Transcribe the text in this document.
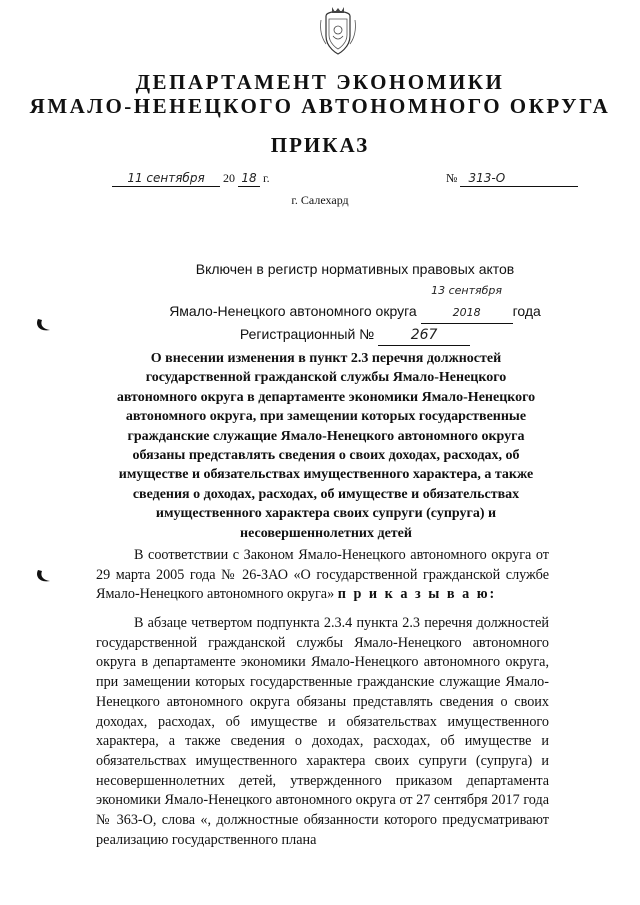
ДЕПАРТАМЕНТ ЭКОНОМИКИ
ЯМАЛО-НЕНЕЦКОГО АВТОНОМНОГО ОКРУГА
ПРИКАЗ
11 сентября 20 18 г.	№ 313-О
г. Салехард
Включен в регистр нормативных правовых актов
Ямало-Ненецкого автономного округа 13 сентября 2018 года
Регистрационный №	267
О внесении изменения в пункт 2.3 перечня должностей государственной гражданской службы Ямало-Ненецкого автономного округа в департаменте экономики Ямало-Ненецкого автономного округа, при замещении которых государственные гражданские служащие Ямало-Ненецкого автономного округа обязаны представлять сведения о своих доходах, расходах, об имуществе и обязательствах имущественного характера, а также сведения о доходах, расходах, об имуществе и обязательствах имущественного характера своих супруги (супруга) и несовершеннолетних детей
В соответствии с Законом Ямало-Ненецкого автономного округа от 29 марта 2005 года № 26-ЗАО «О государственной гражданской службе Ямало-Ненецкого автономного округа» п р и к а з ы в а ю:
В абзаце четвертом подпункта 2.3.4 пункта 2.3 перечня должностей государственной гражданской службы Ямало-Ненецкого автономного округа в департаменте экономики Ямало-Ненецкого автономного округа, при замещении которых государственные гражданские служащие Ямало-Ненецкого автономного округа обязаны представлять сведения о своих доходах, расходах, об имуществе и обязательствах имущественного характера, а также сведения о доходах, расходах, об имуществе и обязательствах имущественного характера своих супруги (супруга) и несовершеннолетних детей, утвержденного приказом департамента экономики Ямало-Ненецкого автономного округа от 27 сентября 2017 года № 363-О, слова «, должностные обязанности которого предусматривают реализацию государственного плана
